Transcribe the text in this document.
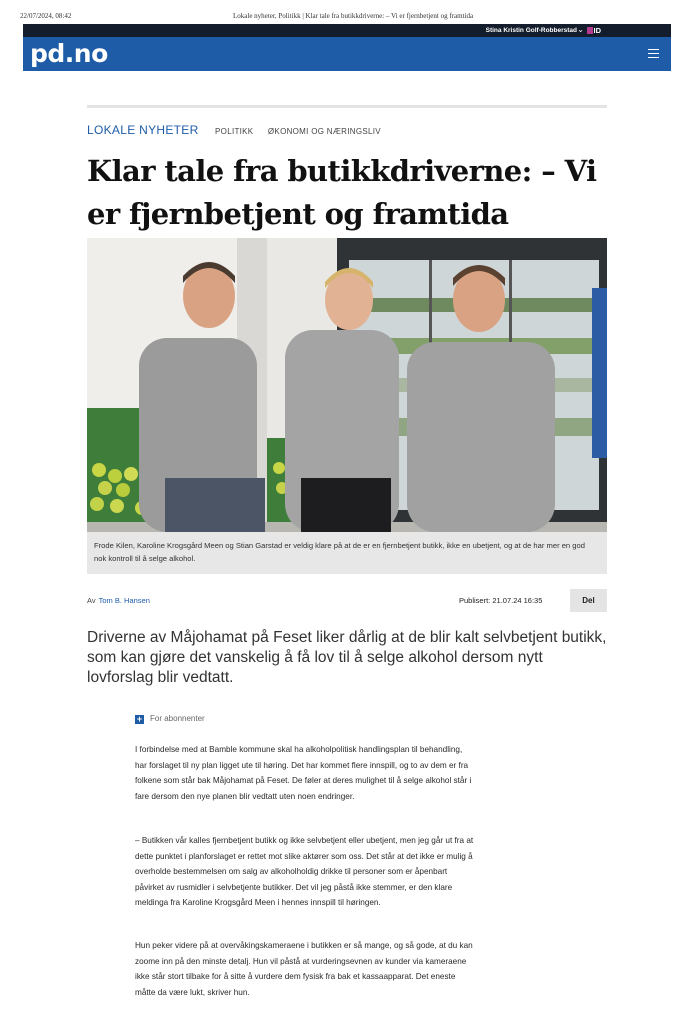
22/07/2024, 08:42	Lokale nyheter, Politikk | Klar tale fra butikkdriverne: – Vi er fjernbetjent og framtida
Stina Kristin Golf-Robberstad ⌄	ID
pd.no
LOKALE NYHETER POLITIKK ØKONOMI OG NÆRINGSLIV
Klar tale fra butikkdriverne: – Vi er fjernbetjent og framtida

Frode Kilen, Karoline Krogsgård Meen og Stian Garstad er veldig klare på at de er en fjernbetjent butikk, ikke en ubetjent, og at de har mer en god nok kontroll til å selge alkohol.

Av Tom B. Hansen	Publisert: 21.07.24 16:35	Del

Driverne av Måjohamat på Feset liker dårlig at de blir kalt selvbetjent butikk, som kan gjøre det vanskelig å få lov til å selge alkohol dersom nytt lovforslag blir vedtatt.

+ For abonnenter

I forbindelse med at Bamble kommune skal ha alkoholpolitisk handlingsplan til behandling, har forslaget til ny plan ligget ute til høring. Det har kommet flere innspill, og to av dem er fra folkene som står bak Måjohamat på Feset. De føler at deres mulighet til å selge alkohol står i fare dersom den nye planen blir vedtatt uten noen endringer.

– Butikken vår kalles fjernbetjent butikk og ikke selvbetjent eller ubetjent, men jeg går ut fra at dette punktet i planforslaget er rettet mot slike aktører som oss. Det står at det ikke er mulig å overholde bestemmelsen om salg av alkoholholdig drikke til personer som er åpenbart påvirket av rusmidler i selvbetjente butikker. Det vil jeg påstå ikke stemmer, er den klare meldinga fra Karoline Krogsgård Meen i hennes innspill til høringen.

Hun peker videre på at overvåkingskameraene i butikken er så mange, og så gode, at du kan zoome inn på den minste detalj. Hun vil påstå at vurderingsevnen av kunder via kameraene ikke står stort tilbake for å sitte å vurdere dem fysisk fra bak et kassaapparat. Det eneste måtte da være lukt, skriver hun.
